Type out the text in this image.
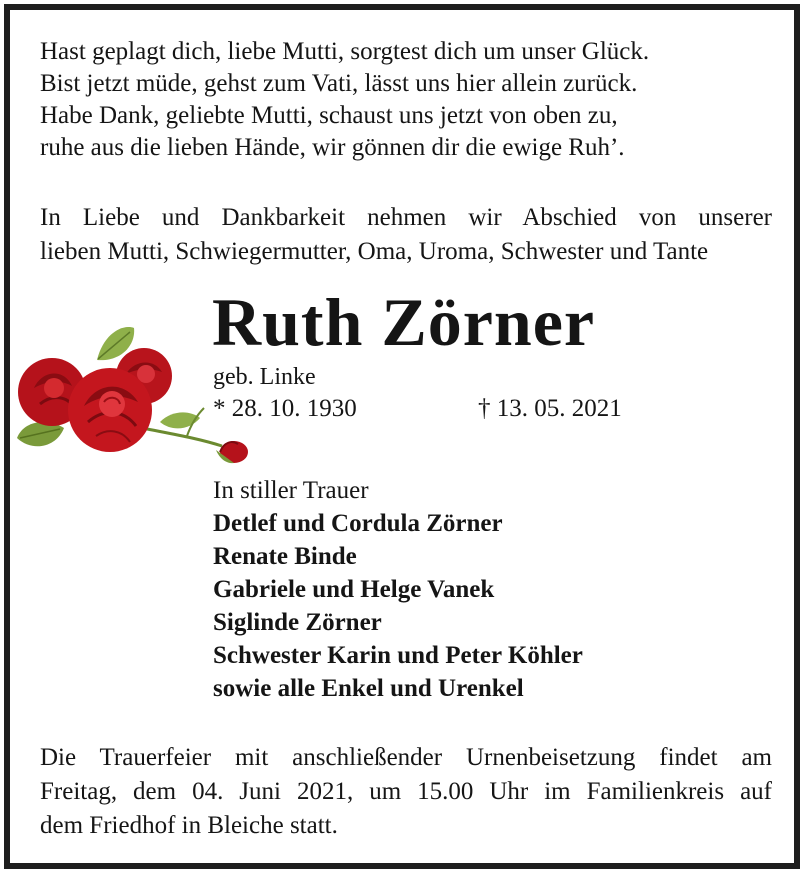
Hast geplagt dich, liebe Mutti, sorgtest dich um unser Glück.
Bist jetzt müde, gehst zum Vati, lässt uns hier allein zurück.
Habe Dank, geliebte Mutti, schaust uns jetzt von oben zu,
ruhe aus die lieben Hände, wir gönnen dir die ewige Ruh’.
In Liebe und Dankbarkeit nehmen wir Abschied von unserer
lieben Mutti, Schwiegermutter, Oma, Uroma, Schwester und Tante
Ruth Zörner
geb. Linke
* 28. 10. 1930	† 13. 05. 2021
In stiller Trauer
Detlef und Cordula Zörner
Renate Binde
Gabriele und Helge Vanek
Siglinde Zörner
Schwester Karin und Peter Köhler
sowie alle Enkel und Urenkel
Die Trauerfeier mit anschließender Urnenbeisetzung findet am
Freitag, dem 04. Juni 2021, um 15.00 Uhr im Familienkreis auf
dem Friedhof in Bleiche statt.
